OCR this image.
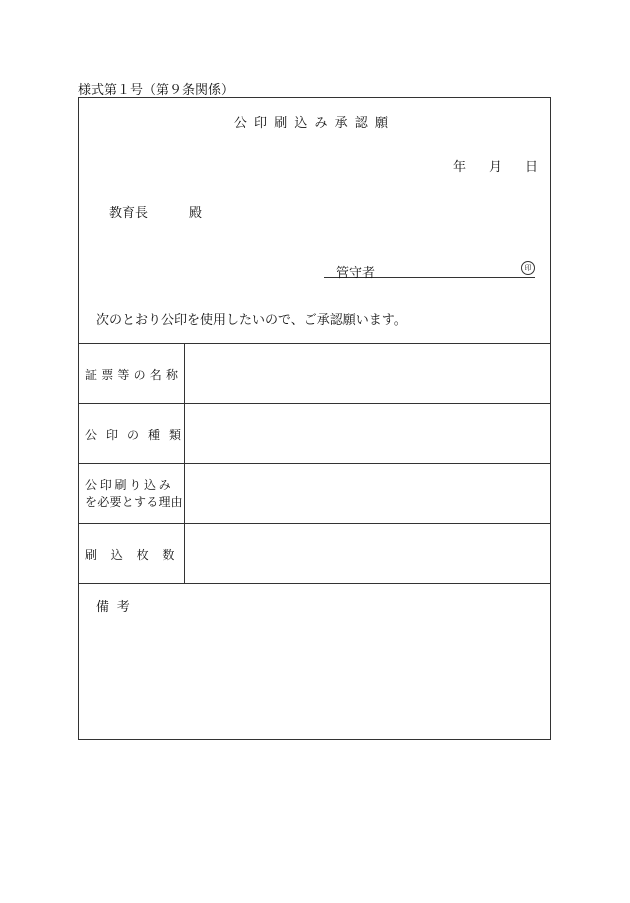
様式第１号（第９条関係）
公印刷込み承認願
年 月 日
教育長	殿
管守者	印
次のとおり公印を使用したいので、ご承認願います。
証票等の名称
公印の種類
公印刷り込み
を必要とする理由
刷込枚数
備考
